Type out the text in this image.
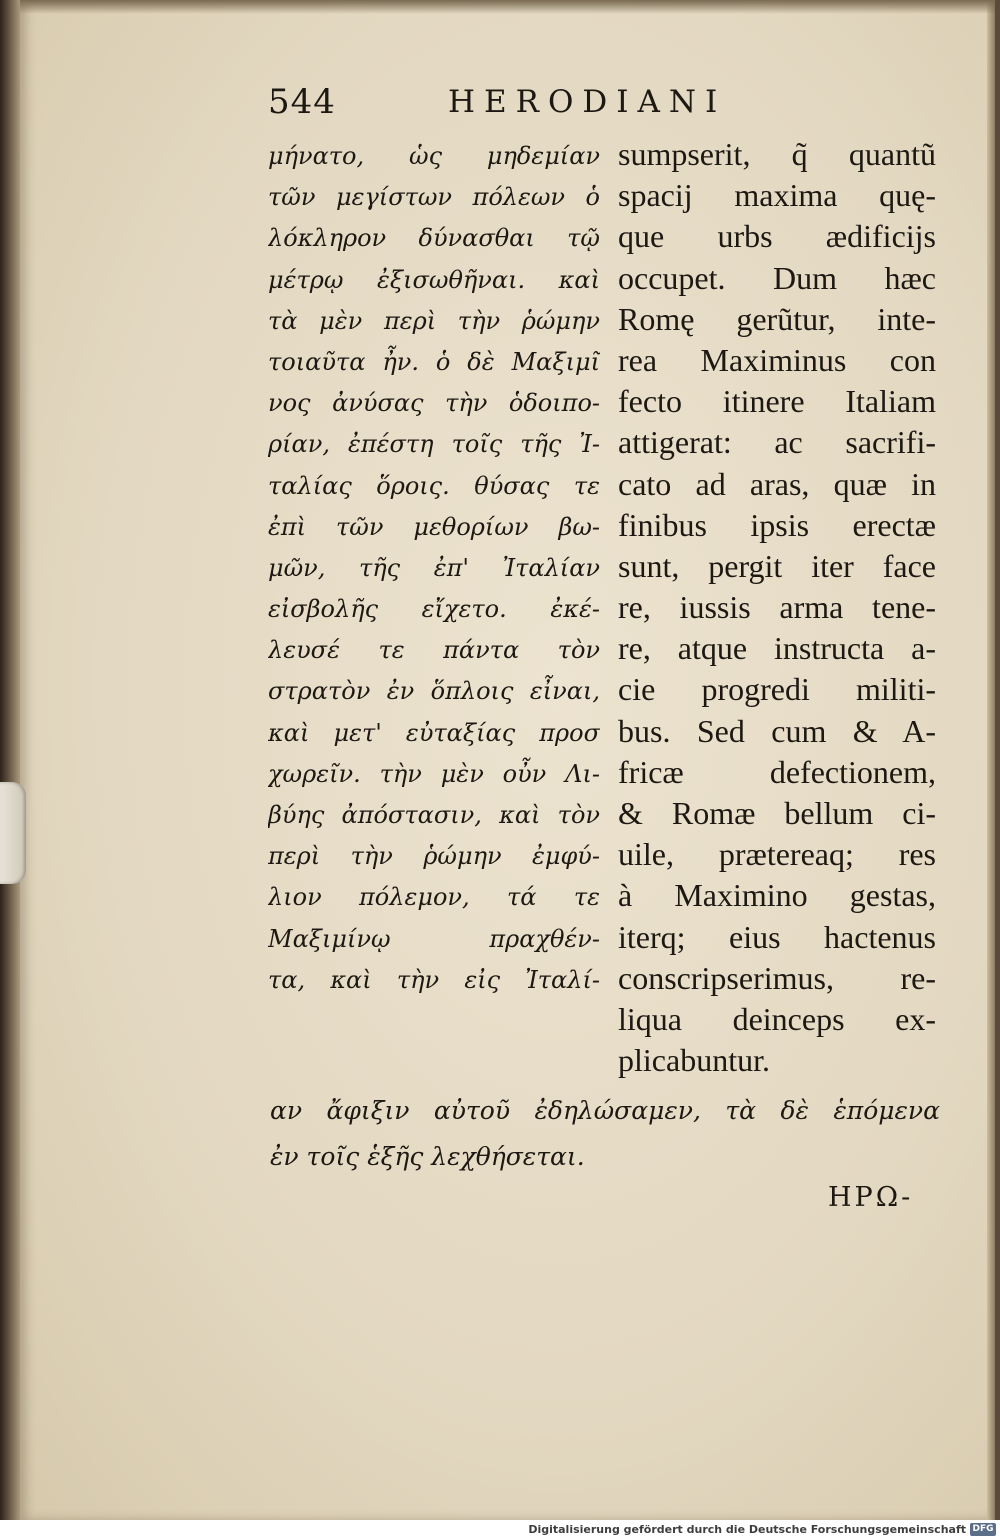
544	HERODIANI
μήνατο, ὡς μηδεμίαν
τῶν μεγίστων πόλεων ὁ
λόκληρον δύνασθαι τῷ
μέτρῳ ἐξισωθῆναι. καὶ
τὰ μὲν περὶ τὴν ῥώμην
τοιαῦτα ἦν. ὁ δὲ Μαξιμῖ
νος ἀνύσας τὴν ὁδοιπο-
ρίαν, ἐπέστη τοῖς τῆς Ἰ-
ταλίας ὅροις. θύσας τε
ἐπὶ τῶν μεθορίων βω-
μῶν, τῆς ἐπ' Ἰταλίαν
εἰσβολῆς εἴχετο. ἐκέ-
λευσέ τε πάντα τὸν
στρατὸν ἐν ὅπλοις εἶναι,
καὶ μετ' εὐταξίας προσ
χωρεῖν. τὴν μὲν οὖν Λι-
βύης ἀπόστασιν, καὶ τὸν
περὶ τὴν ῥώμην ἐμφύ-
λιον πόλεμον, τά τε
Μαξιμίνῳ πραχθέν-
τα, καὶ τὴν εἰς Ἰταλί-
sumpserit, q̃ quantũ
spacij maxima quę-
que urbs ædificijs
occupet. Dum hæc
Romę gerũtur, inte-
rea Maximinus con
fecto itinere Italiam
attigerat: ac sacrifi-
cato ad aras, quæ in
finibus ipsis erectæ
sunt, pergit iter face
re, iussis arma tene-
re, atque instructa a-
cie progredi militi-
bus. Sed cum & A-
fricæ defectionem,
& Romæ bellum ci-
uile, prætereaq; res
à Maximino gestas,
iterq; eius hactenus
conscripserimus, re-
liqua deinceps ex-
plicabuntur.
αν ἄφιξιν αὐτοῦ ἐδηλώσαμεν, τὰ δὲ ἑπόμενα
ἐν τοῖς ἑξῆς λεχθήσεται.
ΗΡΩ-
Digitalisierung gefördert durch die Deutsche Forschungsgemeinschaft DFG
